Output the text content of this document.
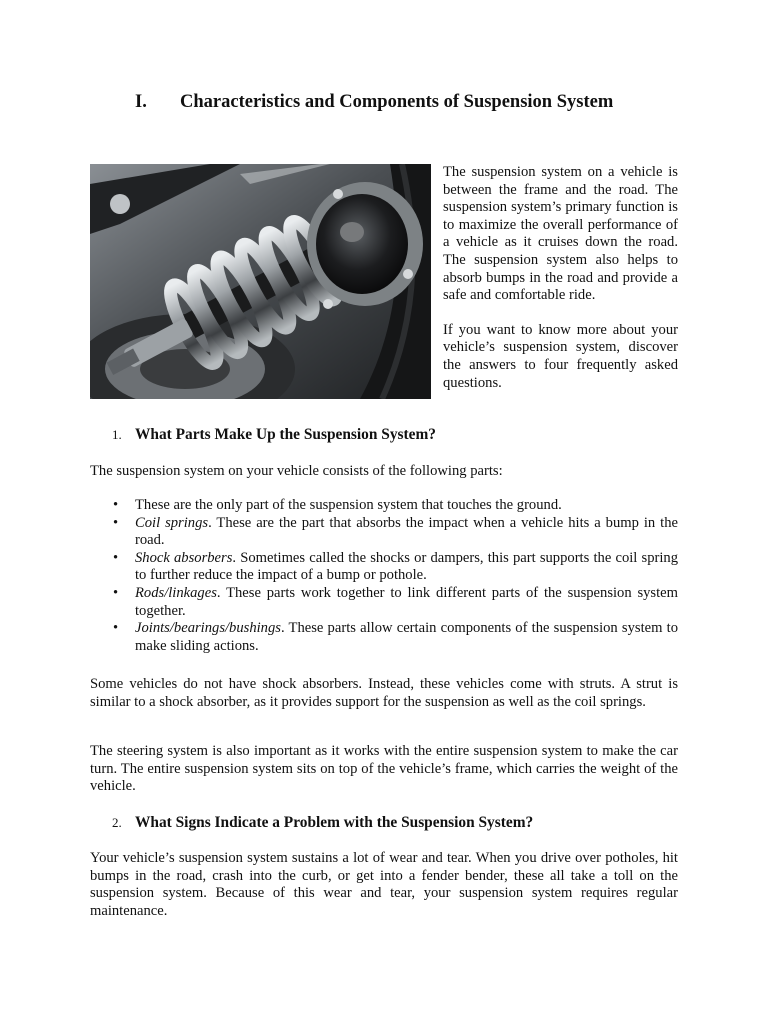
I. Characteristics and Components of Suspension System

The suspension system on a vehicle is between the frame and the road. The suspension system’s primary function is to maximize the overall performance of a vehicle as it cruises down the road. The suspension system also helps to absorb bumps in the road and provide a safe and comfortable ride.

If you want to know more about your vehicle’s suspension system, discover the answers to four frequently asked questions.

1. What Parts Make Up the Suspension System?

The suspension system on your vehicle consists of the following parts:

• These are the only part of the suspension system that touches the ground.
• Coil springs. These are the part that absorbs the impact when a vehicle hits a bump in the road.
• Shock absorbers. Sometimes called the shocks or dampers, this part supports the coil spring to further reduce the impact of a bump or pothole.
• Rods/linkages. These parts work together to link different parts of the suspension system together.
• Joints/bearings/bushings. These parts allow certain components of the suspension system to make sliding actions.

Some vehicles do not have shock absorbers. Instead, these vehicles come with struts. A strut is similar to a shock absorber, as it provides support for the suspension as well as the coil springs.

The steering system is also important as it works with the entire suspension system to make the car turn. The entire suspension system sits on top of the vehicle’s frame, which carries the weight of the vehicle.

2. What Signs Indicate a Problem with the Suspension System?

Your vehicle’s suspension system sustains a lot of wear and tear. When you drive over potholes, hit bumps in the road, crash into the curb, or get into a fender bender, these all take a toll on the suspension system. Because of this wear and tear, your suspension system requires regular maintenance.
